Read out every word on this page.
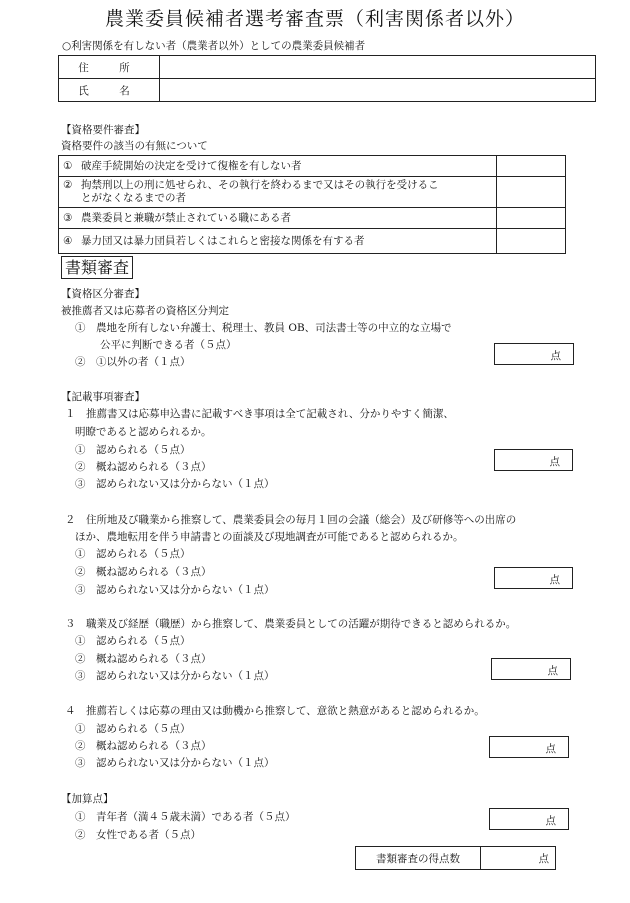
農業委員候補者選考審査票（利害関係者以外）
○利害関係を有しない者（農業者以外）としての農業委員候補者
住　所	
氏　名	
【資格要件審査】
資格要件の該当の有無について
① 破産手続開始の決定を受けて復権を有しない者	
② 拘禁刑以上の刑に処せられ、その執行を終わるまで又はその執行を受けるこ
とがなくなるまでの者	
③ 農業委員と兼職が禁止されている職にある者	
④ 暴力団又は暴力団員若しくはこれらと密接な関係を有する者	
書類審査
【資格区分審査】
被推薦者又は応募者の資格区分判定
①　農地を所有しない弁護士、税理士、教員 OB、司法書士等の中立的な立場で
公平に判断できる者（５点）
②　①以外の者（１点）	点
【記載事項審査】
１　推薦書又は応募申込書に記載すべき事項は全て記載され、分かりやすく簡潔、
明瞭であると認められるか。
①　認められる（５点）
②　概ね認められる（３点）
③　認められない又は分からない（１点）
点
２　住所地及び職業から推察して、農業委員会の毎月１回の会議（総会）及び研修等への出席の
ほか、農地転用を伴う申請書との面談及び現地調査が可能であると認められるか。
①　認められる（５点）
②　概ね認められる（３点）
③　認められない又は分からない（１点）
点
３　職業及び経歴（職歴）から推察して、農業委員としての活躍が期待できると認められるか。
①　認められる（５点）
②　概ね認められる（３点）
③　認められない又は分からない（１点）	点
４　推薦若しくは応募の理由又は動機から推察して、意欲と熱意があると認められるか。
①　認められる（５点）
②　概ね認められる（３点）
③　認められない又は分からない（１点）
点
【加算点】
①　青年者（満４５歳未満）である者（５点）
②　女性である者（５点）
点
書類審査の得点数	点
